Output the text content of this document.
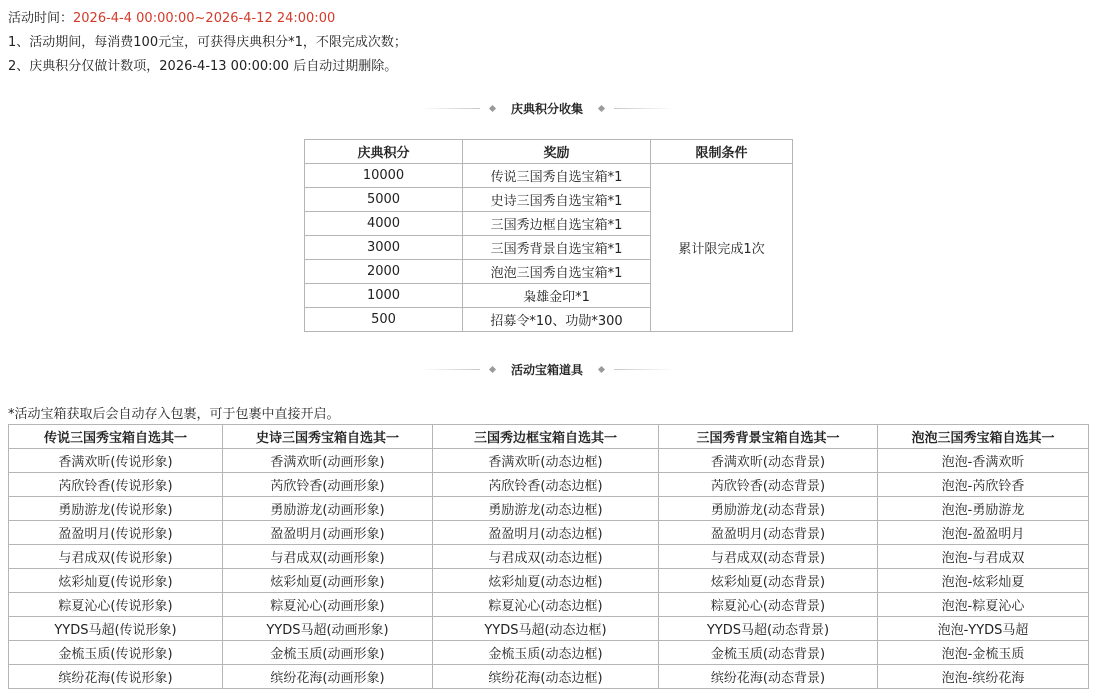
活动时间：2026-4-4 00:00:00~2026-4-12 24:00:00
1、活动期间，每消费100元宝，可获得庆典积分*1，不限完成次数；
2、庆典积分仅做计数项，2026-4-13 00:00:00 后自动过期删除。
庆典积分收集
庆典积分	奖励	限制条件
10000	传说三国秀自选宝箱*1	累计限完成1次
5000	史诗三国秀自选宝箱*1	
4000	三国秀边框自选宝箱*1	
3000	三国秀背景自选宝箱*1	
2000	泡泡三国秀自选宝箱*1	
1000	枭雄金印*1	
500	招募令*10、功勋*300	
活动宝箱道具
*活动宝箱获取后会自动存入包裹，可于包裹中直接开启。
传说三国秀宝箱自选其一	史诗三国秀宝箱自选其一	三国秀边框宝箱自选其一	三国秀背景宝箱自选其一	泡泡三国秀宝箱自选其一
香满欢昕(传说形象)	香满欢昕(动画形象)	香满欢昕(动态边框)	香满欢昕(动态背景)	泡泡-香满欢昕
芮欣铃香(传说形象)	芮欣铃香(动画形象)	芮欣铃香(动态边框)	芮欣铃香(动态背景)	泡泡-芮欣铃香
勇励游龙(传说形象)	勇励游龙(动画形象)	勇励游龙(动态边框)	勇励游龙(动态背景)	泡泡-勇励游龙
盈盈明月(传说形象)	盈盈明月(动画形象)	盈盈明月(动态边框)	盈盈明月(动态背景)	泡泡-盈盈明月
与君成双(传说形象)	与君成双(动画形象)	与君成双(动态边框)	与君成双(动态背景)	泡泡-与君成双
炫彩灿夏(传说形象)	炫彩灿夏(动画形象)	炫彩灿夏(动态边框)	炫彩灿夏(动态背景)	泡泡-炫彩灿夏
粽夏沁心(传说形象)	粽夏沁心(动画形象)	粽夏沁心(动态边框)	粽夏沁心(动态背景)	泡泡-粽夏沁心
YYDS马超(传说形象)	YYDS马超(动画形象)	YYDS马超(动态边框)	YYDS马超(动态背景)	泡泡-YYDS马超
金梳玉质(传说形象)	金梳玉质(动画形象)	金梳玉质(动态边框)	金梳玉质(动态背景)	泡泡-金梳玉质
缤纷花海(传说形象)	缤纷花海(动画形象)	缤纷花海(动态边框)	缤纷花海(动态背景)	泡泡-缤纷花海
